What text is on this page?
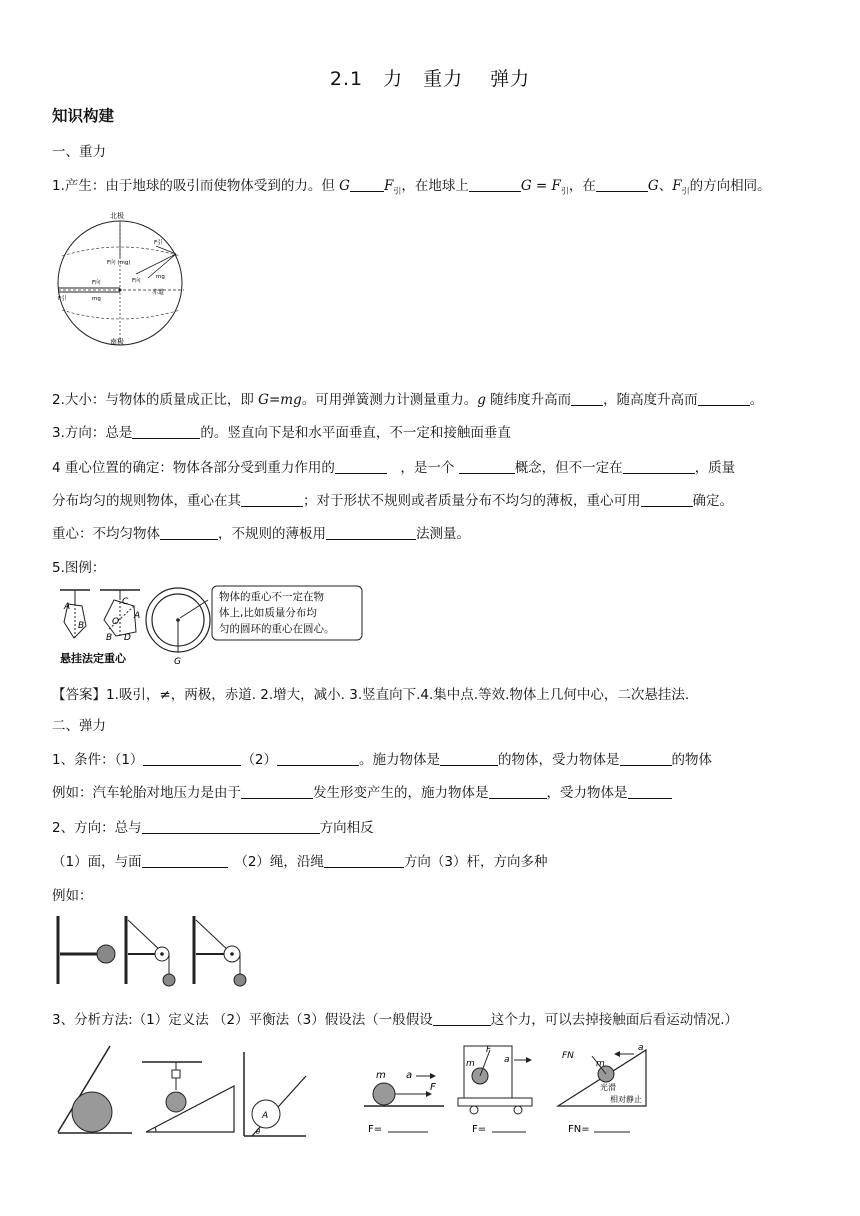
2.1　力　重力　 弹力
知识构建
一、重力
1.产生：由于地球的吸引而使物体受到的力。但 G	$F_引$，在地球上	$G = F_引$，在	G、$F_引$的方向相同。
北极
南极
赤道
F引
F向 (mg)
mg
F向
F引	mg
F向
2.大小：与物体的质量成正比，即 G=mg。可用弹簧测力计测量重力。g 随纬度升高而 ，随高度升高而	。
3.方向：总是	的。竖直向下是和水平面垂直，不一定和接触面垂直
4 重心位置的确定：物体各部分受到重力作用的　	，是一个	概念，但不一定在	，质量
分布均匀的规则物体，重心在其	；对于形状不规则或者质量分布不均匀的薄板，重心可用	确定。
重心：不均匀物体	，不规则的薄板用	法测量。
5.图例：
A
B
C
A
O
B D
悬挂法定重心	G
物体的重心不一定在物
体上,比如质量分布均
匀的圆环的重心在圆心。
【答案】1.吸引，≠，两极，赤道. 2.增大，减小. 3.竖直向下.4.集中点.等效.物体上几何中心，二次悬挂法.
二、弹力
1、条件：（1）	（2）	。施力物体是	的物体，受力物体是	的物体
例如：汽车轮胎对地压力是由于	发生形变产生的，施力物体是	，受力物体是
2、方向：总与	方向相反
（1）面，与面　	（2）绳，沿绳	方向（3）杆，方向多种
例如：
3、分析方法:（1）定义法 （2）平衡法（3）假设法（一般假设	这个力，可以去掉接触面后看运动情况.）
A
θ
m a
F
F=
F
m	a
F=
FN
m
a
光滑
相对静止
FN=
